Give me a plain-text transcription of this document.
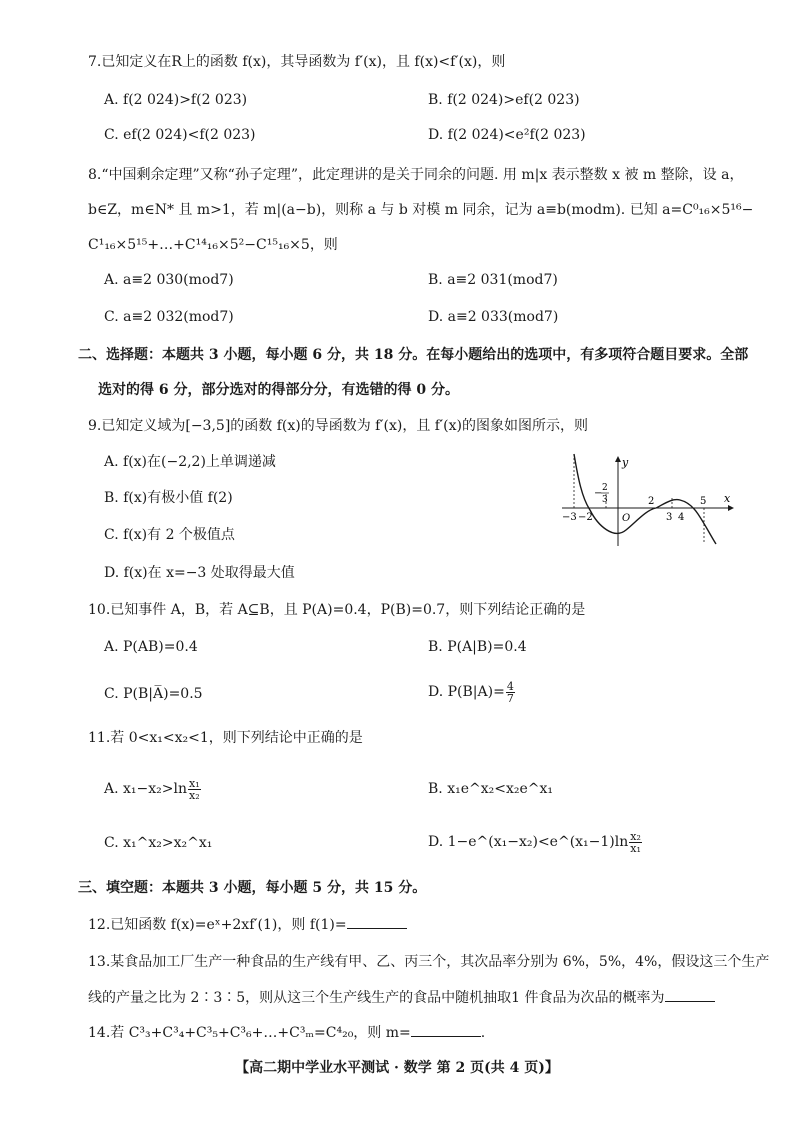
7.已知定义在R上的函数 f(x)，其导函数为 f′(x)，且 f(x)<f′(x)，则
A. f(2 024)>f(2 023)	B. f(2 024)>ef(2 023)
C. ef(2 024)<f(2 023)	D. f(2 024)<e²f(2 023)
8.“中国剩余定理”又称“孙子定理”，此定理讲的是关于同余的问题. 用 m|x 表示整数 x 被 m 整除，设 a，
b∈Z，m∈N* 且 m>1，若 m|(a−b)，则称 a 与 b 对模 m 同余，记为 a≡b(modm). 已知 a=C⁰₁₆×5¹⁶−
C¹₁₆×5¹⁵+…+C¹⁴₁₆×5²−C¹⁵₁₆×5，则
A. a≡2 030(mod7)	B. a≡2 031(mod7)
C. a≡2 032(mod7)	D. a≡2 033(mod7)
二、选择题：本题共 3 小题，每小题 6 分，共 18 分。在每小题给出的选项中，有多项符合题目要求。全部
选对的得 6 分，部分选对的得部分分，有选错的得 0 分。
9.已知定义域为[−3,5]的函数 f(x)的导函数为 f′(x)，且 f′(x)的图象如图所示，则
A. f(x)在(−2,2)上单调递减
B. f(x)有极小值 f(2)
C. f(x)有 2 个极值点
D. f(x)在 x=−3 处取得最大值
x
y
O
−3 −2
− 2
3	2
3 4
5
10.已知事件 A，B，若 A⊆B，且 P(A)=0.4，P(B)=0.7，则下列结论正确的是
A. P(AB)=0.4	B. P(A|B)=0.4
C. P(B|A̅)=0.5	D. $P(B|A)= \frac{4}{7}$
11.若 0<x₁<x₂<1，则下列结论中正确的是
A. $x_1-x_2>\ln \frac{\text{x₁}}{\text{x₂}}$	B. x₁e^x₂<x₂e^x₁
C. x₁^x₂>x₂^x₁	D. 1−e^(x₁−x₂)<e^(x₁−1)ln $\frac{\text{x₂}}{\text{x₁}}$
三、填空题：本题共 3 小题，每小题 5 分，共 15 分。
12.已知函数 f(x)=eˣ+2xf′(1)，则 f(1)=
13.某食品加工厂生产一种食品的生产线有甲、乙、丙三个，其次品率分别为 6%，5%，4%，假设这三个生产
线的产量之比为 2∶3∶5，则从这三个生产线生产的食品中随机抽取1 件食品为次品的概率为
14.若 C³₃+C³₄+C³₅+C³₆+…+C³ₘ=C⁴₂₀，则 m=	.
【高二期中学业水平测试 · 数学 第 2 页(共 4 页)】
